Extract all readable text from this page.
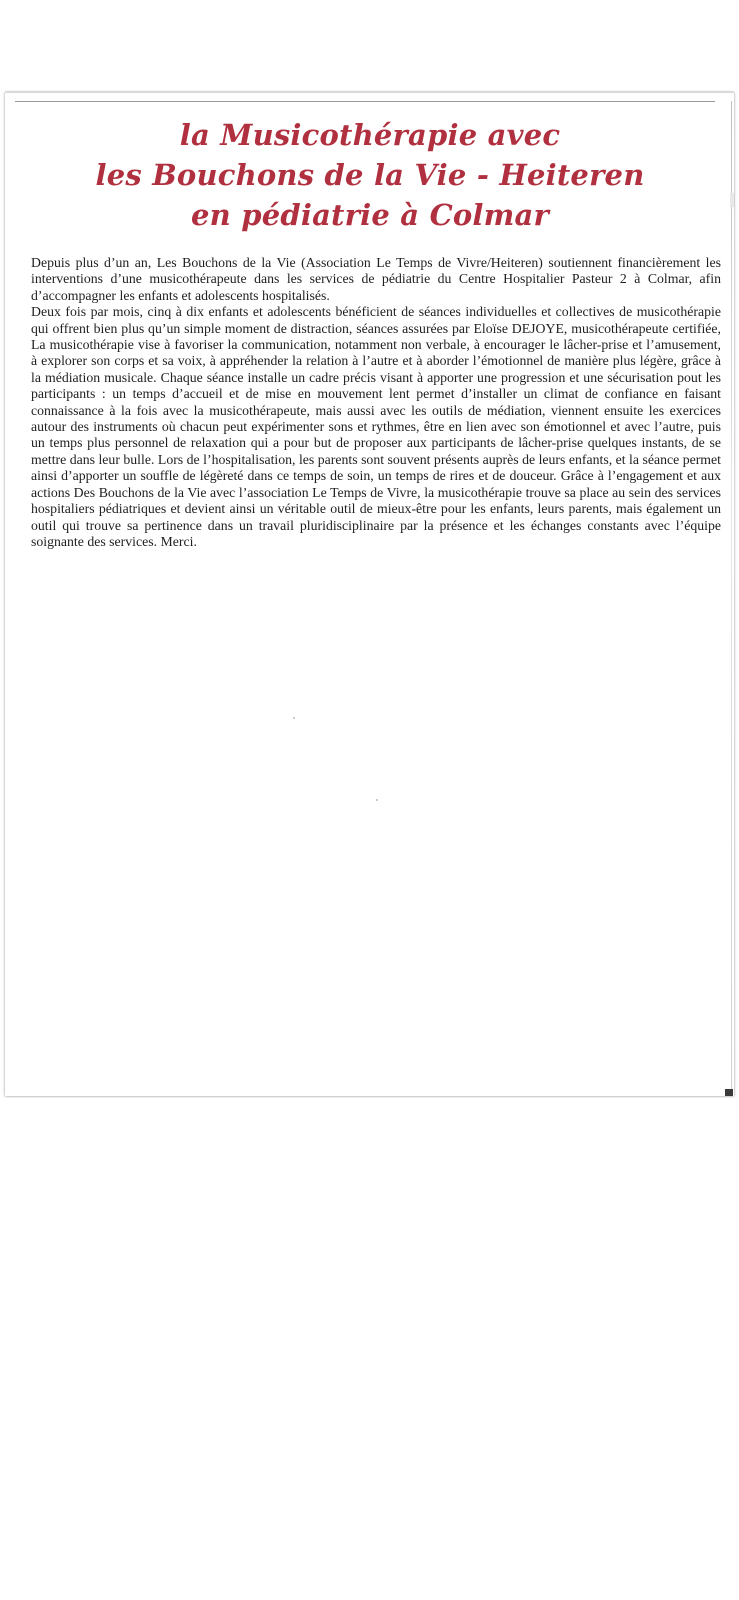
la Musicothérapie avec
les Bouchons de la Vie - Heiteren
en pédiatrie à Colmar

Depuis plus d’un an, Les Bouchons de la Vie (Association Le Temps de Vivre/Heiteren) soutiennent financièrement les interventions d’une musicothérapeute dans les services de pédiatrie du Centre Hospitalier Pasteur 2 à Colmar, afin d’accompagner les enfants et adolescents hospitalisés.

Deux fois par mois, cinq à dix enfants et adolescents bénéficient de séances individuelles et collectives de musicothérapie qui offrent bien plus qu’un simple moment de distraction, séances assurées par Eloïse DEJOYE, musicothérapeute certifiée, La musicothérapie vise à favoriser la communication, notamment non verbale, à encourager le lâcher-prise et l’amusement, à explorer son corps et sa voix, à appréhender la relation à l’autre et à aborder l’émotionnel de manière plus légère, grâce à la médiation musicale. Chaque séance installe un cadre précis visant à apporter une progression et une sécurisation pout les participants : un temps d’accueil et de mise en mouvement lent permet d’installer un climat de confiance en faisant connaissance à la fois avec la musicothérapeute, mais aussi avec les outils de médiation, viennent ensuite les exercices autour des instruments où chacun peut expérimenter sons et rythmes, être en lien avec son émotionnel et avec l’autre, puis un temps plus personnel de relaxation qui a pour but de proposer aux participants de lâcher-prise quelques instants, de se mettre dans leur bulle. Lors de l’hospitalisation, les parents sont souvent présents auprès de leurs enfants, et la séance permet ainsi d’apporter un souffle de légèreté dans ce temps de soin, un temps de rires et de douceur. Grâce à l’engagement et aux actions Des Bouchons de la Vie avec l’association Le Temps de Vivre, la musicothérapie trouve sa place au sein des services hospitaliers pédiatriques et devient ainsi un véritable outil de mieux-être pour les enfants, leurs parents, mais également un outil qui trouve sa pertinence dans un travail pluridisciplinaire par la présence et les échanges constants avec l’équipe soignante des services. Merci.
